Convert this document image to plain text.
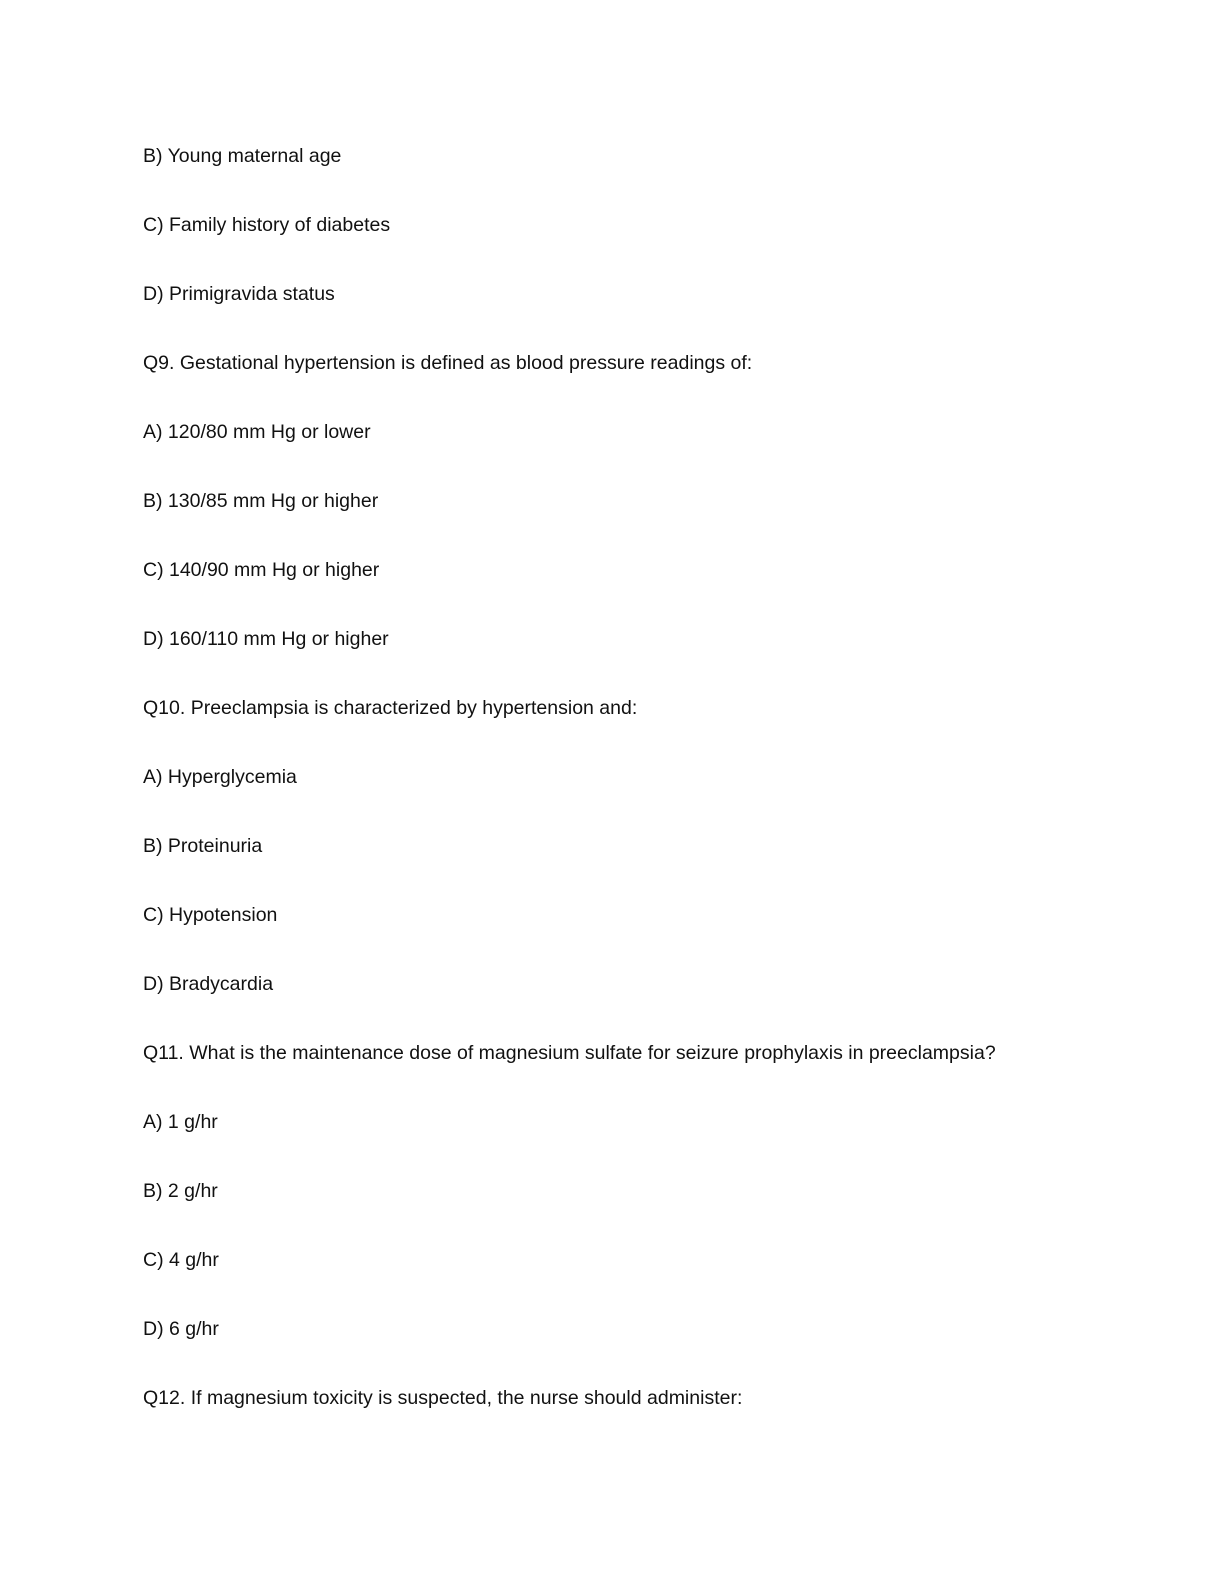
B) Young maternal age

C) Family history of diabetes

D) Primigravida status

Q9. Gestational hypertension is defined as blood pressure readings of:

A) 120/80 mm Hg or lower

B) 130/85 mm Hg or higher

C) 140/90 mm Hg or higher

D) 160/110 mm Hg or higher

Q10. Preeclampsia is characterized by hypertension and:

A) Hyperglycemia

B) Proteinuria

C) Hypotension

D) Bradycardia

Q11. What is the maintenance dose of magnesium sulfate for seizure prophylaxis in preeclampsia?

A) 1 g/hr

B) 2 g/hr

C) 4 g/hr

D) 6 g/hr

Q12. If magnesium toxicity is suspected, the nurse should administer:
